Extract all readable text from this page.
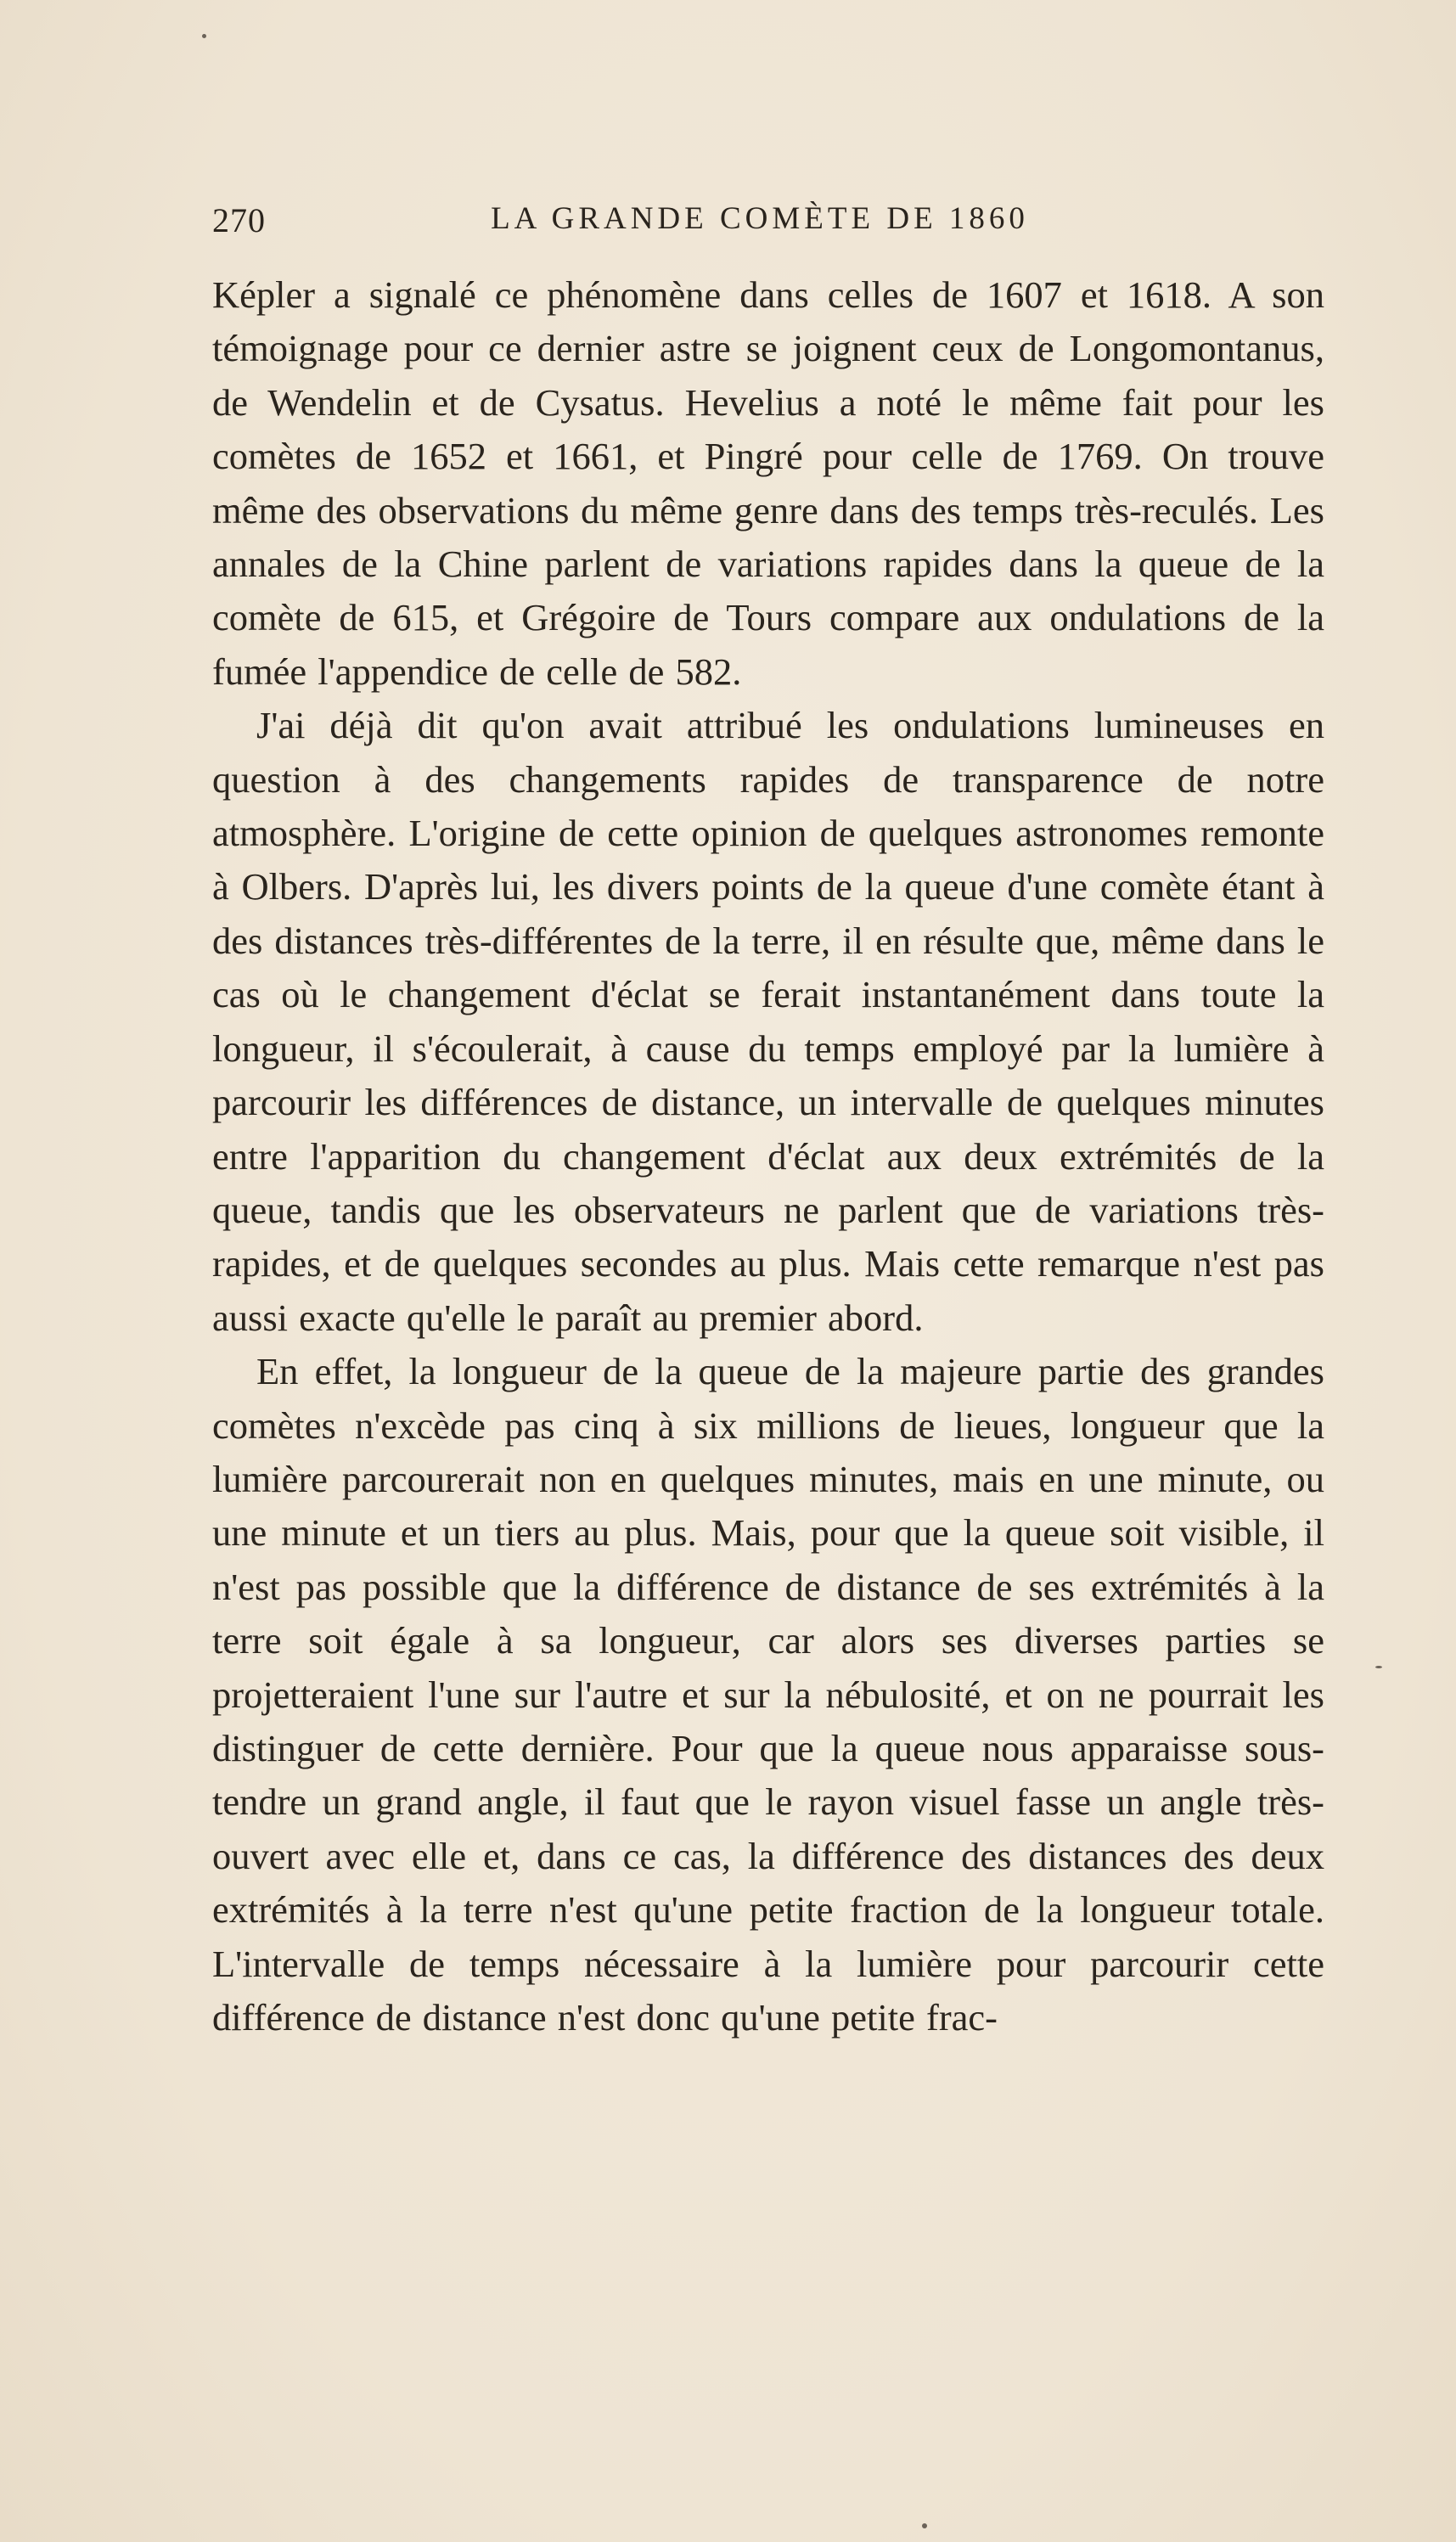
270	LA GRANDE COMÈTE DE 1860

Képler a signalé ce phénomène dans celles de 1607 et 1618. A son témoignage pour ce dernier astre se joignent ceux de Longomontanus, de Wendelin et de Cysatus. Hevelius a noté le même fait pour les comètes de 1652 et 1661, et Pingré pour celle de 1769. On trouve même des observations du même genre dans des temps très-reculés. Les annales de la Chine parlent de variations rapides dans la queue de la comète de 615, et Grégoire de Tours compare aux ondulations de la fumée l'appendice de celle de 582.

J'ai déjà dit qu'on avait attribué les ondulations lumineuses en question à des changements rapides de transparence de notre atmosphère. L'origine de cette opinion de quelques astronomes remonte à Olbers. D'après lui, les divers points de la queue d'une comète étant à des distances très-différentes de la terre, il en résulte que, même dans le cas où le changement d'éclat se ferait instantanément dans toute la longueur, il s'écoulerait, à cause du temps employé par la lumière à parcourir les différences de distance, un intervalle de quelques minutes entre l'apparition du changement d'éclat aux deux extrémités de la queue, tandis que les observateurs ne parlent que de variations très-rapides, et de quelques secondes au plus. Mais cette remarque n'est pas aussi exacte qu'elle le paraît au premier abord.

En effet, la longueur de la queue de la majeure partie des grandes comètes n'excède pas cinq à six millions de lieues, longueur que la lumière parcourerait non en quelques minutes, mais en une minute, ou une minute et un tiers au plus. Mais, pour que la queue soit visible, il n'est pas possible que la différence de distance de ses extrémités à la terre soit égale à sa longueur, car alors ses diverses parties se projetteraient l'une sur l'autre et sur la nébulosité, et on ne pourrait les distinguer de cette dernière. Pour que la queue nous apparaisse sous-tendre un grand angle, il faut que le rayon visuel fasse un angle très-ouvert avec elle et, dans ce cas, la différence des distances des deux extrémités à la terre n'est qu'une petite fraction de la longueur totale. L'intervalle de temps nécessaire à la lumière pour parcourir cette différence de distance n'est donc qu'une petite frac-
